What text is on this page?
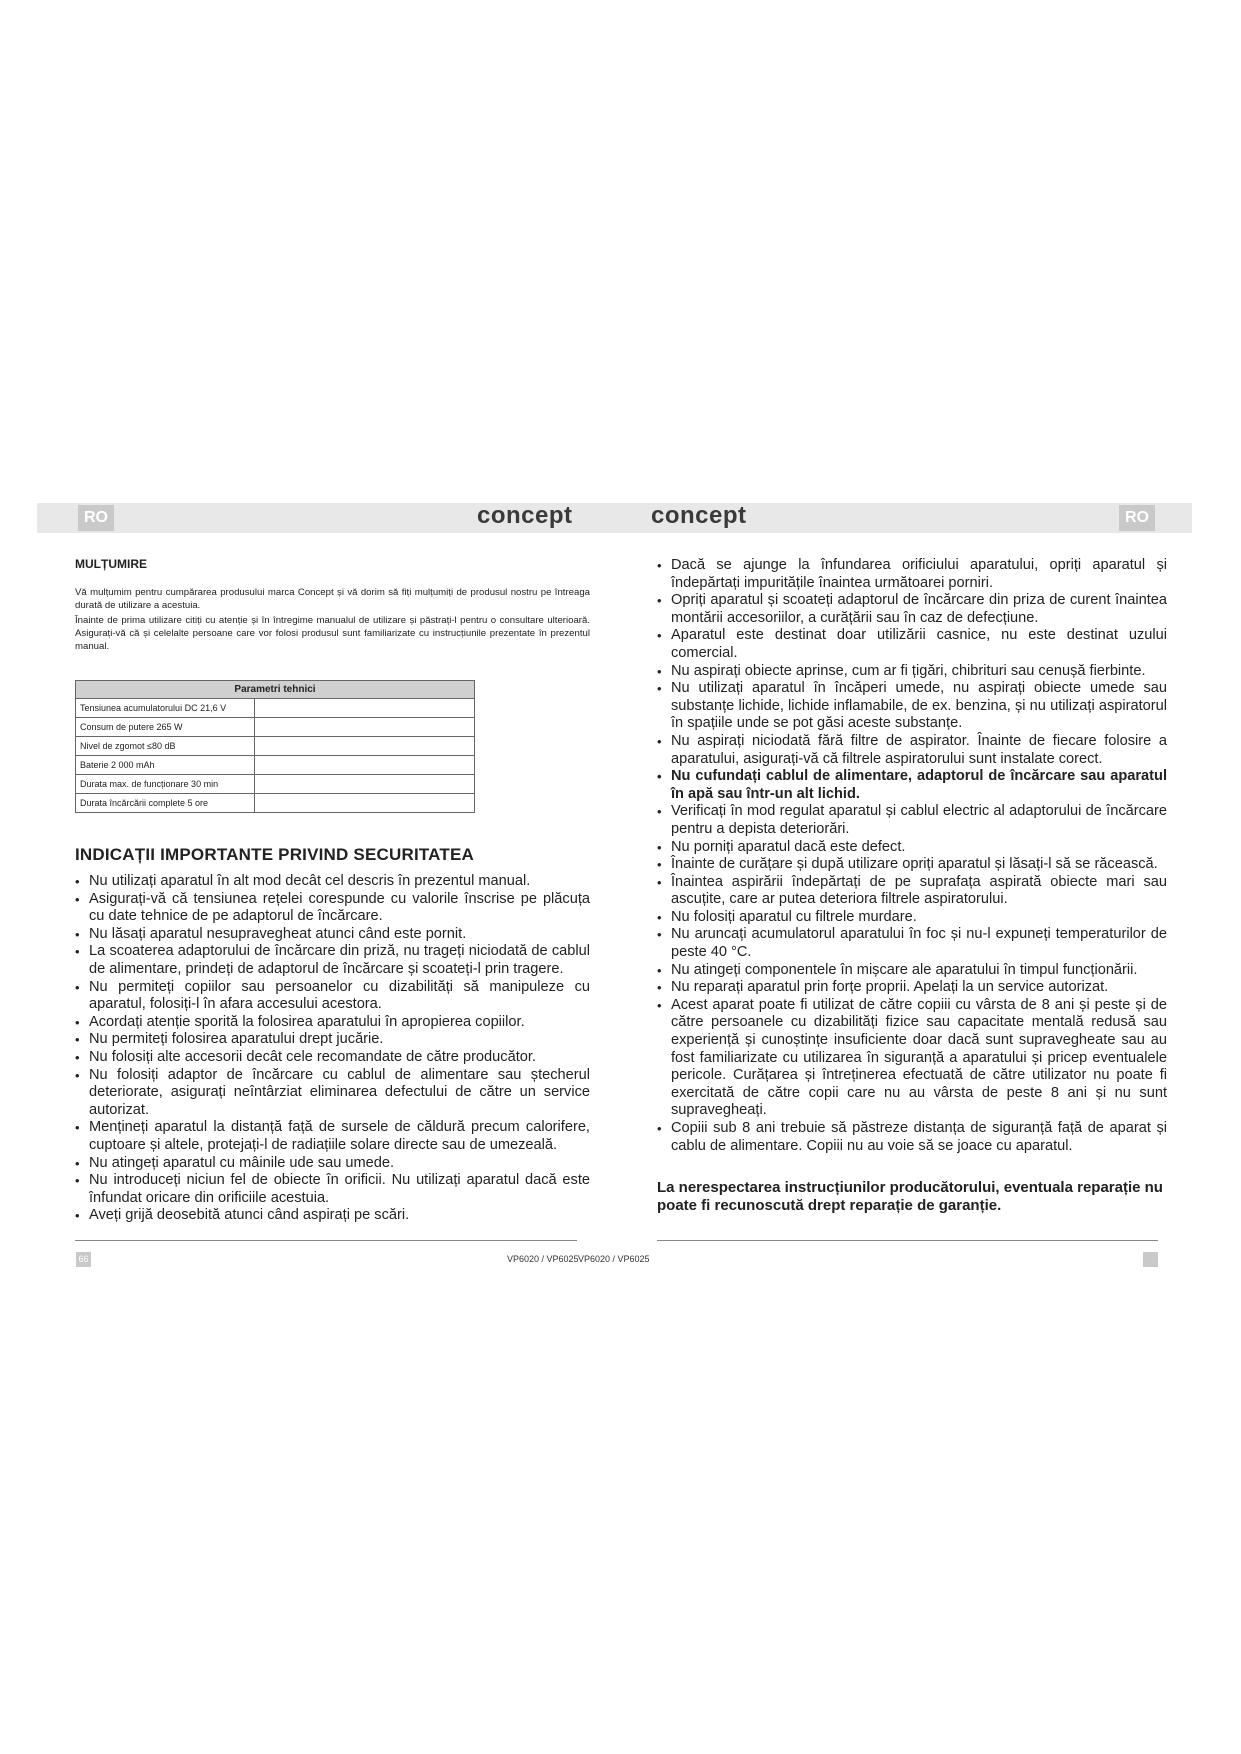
RO	RO
concept	concept
MULȚUMIRE

Vă mulțumim pentru cumpărarea produsului marca Concept și vă dorim să fiți mulțumiți de produsul nostru pe întreaga durată de utilizare a acestuia.

Înainte de prima utilizare citiți cu atenție și în întregime manualul de utilizare și păstrați-l pentru o consultare ulterioară. Asigurați-vă că și celelalte persoane care vor folosi produsul sunt familiarizate cu instrucțiunile prezentate în prezentul manual.

Parametri tehnici	
Tensiunea acumulatorului DC 21,6 V	
Consum de putere 265 W	
Nivel de zgomot ≤80 dB	
Baterie 2 000 mAh	
Durata max. de funcționare 30 min	
Durata încărcării complete 5 ore	
INDICAȚII IMPORTANTE PRIVIND SECURITATEA
• Nu utilizați aparatul în alt mod decât cel descris în prezentul manual.
• Asigurați-vă că tensiunea rețelei corespunde cu valorile înscrise pe plăcuța cu date tehnice de pe adaptorul de încărcare.
• Nu lăsați aparatul nesupravegheat atunci când este pornit.
• La scoaterea adaptorului de încărcare din priză, nu trageți niciodată de cablul de alimentare, prindeți de adaptorul de încărcare și scoateți-l prin tragere.
• Nu permiteți copiilor sau persoanelor cu dizabilități să manipuleze cu aparatul, folosiți-l în afara accesului acestora.
• Acordați atenție sporită la folosirea aparatului în apropierea copiilor.
• Nu permiteți folosirea aparatului drept jucărie.
• Nu folosiți alte accesorii decât cele recomandate de către producător.
• Nu folosiți adaptor de încărcare cu cablul de alimentare sau ștecherul deteriorate, asigurați neîntârziat eliminarea defectului de către un service autorizat.
• Mențineți aparatul la distanță față de sursele de căldură precum calorifere, cuptoare și altele, protejați-l de radiațiile solare directe sau de umezeală.
• Nu atingeți aparatul cu mâinile ude sau umede.
• Nu introduceți niciun fel de obiecte în orificii. Nu utilizați aparatul dacă este înfundat oricare din orificiile acestuia.
• Aveți grijă deosebită atunci când aspirați pe scări.
• Dacă se ajunge la înfundarea orificiului aparatului, opriți aparatul și îndepărtați impuritățile înaintea următoarei porniri.
• Opriți aparatul și scoateți adaptorul de încărcare din priza de curent înaintea montării accesoriilor, a curățării sau în caz de defecțiune.
• Aparatul este destinat doar utilizării casnice, nu este destinat uzului comercial.
• Nu aspirați obiecte aprinse, cum ar fi țigări, chibrituri sau cenușă fierbinte.
• Nu utilizați aparatul în încăperi umede, nu aspirați obiecte umede sau substanțe lichide, lichide inflamabile, de ex. benzina, și nu utilizați aspiratorul în spațiile unde se pot găsi aceste substanțe.
• Nu aspirați niciodată fără filtre de aspirator. Înainte de fiecare folosire a aparatului, asigurați-vă că filtrele aspiratorului sunt instalate corect.
• Nu cufundați cablul de alimentare, adaptorul de încărcare sau aparatul în apă sau într-un alt lichid.
• Verificați în mod regulat aparatul și cablul electric al adaptorului de încărcare pentru a depista deteriorări.
• Nu porniți aparatul dacă este defect.
• Înainte de curățare și după utilizare opriți aparatul și lăsați-l să se răcească.
• Înaintea aspirării îndepărtați de pe suprafața aspirată obiecte mari sau ascuțite, care ar putea deteriora filtrele aspiratorului.
• Nu folosiți aparatul cu filtrele murdare.
• Nu aruncați acumulatorul aparatului în foc și nu-l expuneți temperaturilor de peste 40 °C.
• Nu atingeți componentele în mișcare ale aparatului în timpul funcționării.
• Nu reparați aparatul prin forțe proprii. Apelați la un service autorizat.
• Acest aparat poate fi utilizat de către copiii cu vârsta de 8 ani și peste și de către persoanele cu dizabilități fizice sau capacitate mentală redusă sau experiență și cunoștințe insuficiente doar dacă sunt supravegheate sau au fost familiarizate cu utilizarea în siguranță a aparatului și pricep eventualele pericole. Curățarea și întreținerea efectuată de către utilizator nu poate fi exercitată de către copii care nu au vârsta de peste 8 ani și nu sunt supravegheați.
• Copiii sub 8 ani trebuie să păstreze distanța de siguranță față de aparat și cablu de alimentare. Copiii nu au voie să se joace cu aparatul.
La nerespectarea instrucțiunilor producătorului, eventuala reparație nu poate fi recunoscută drept reparație de garanție.
66	VP6020 / VP6025 VP6020 / VP6025
